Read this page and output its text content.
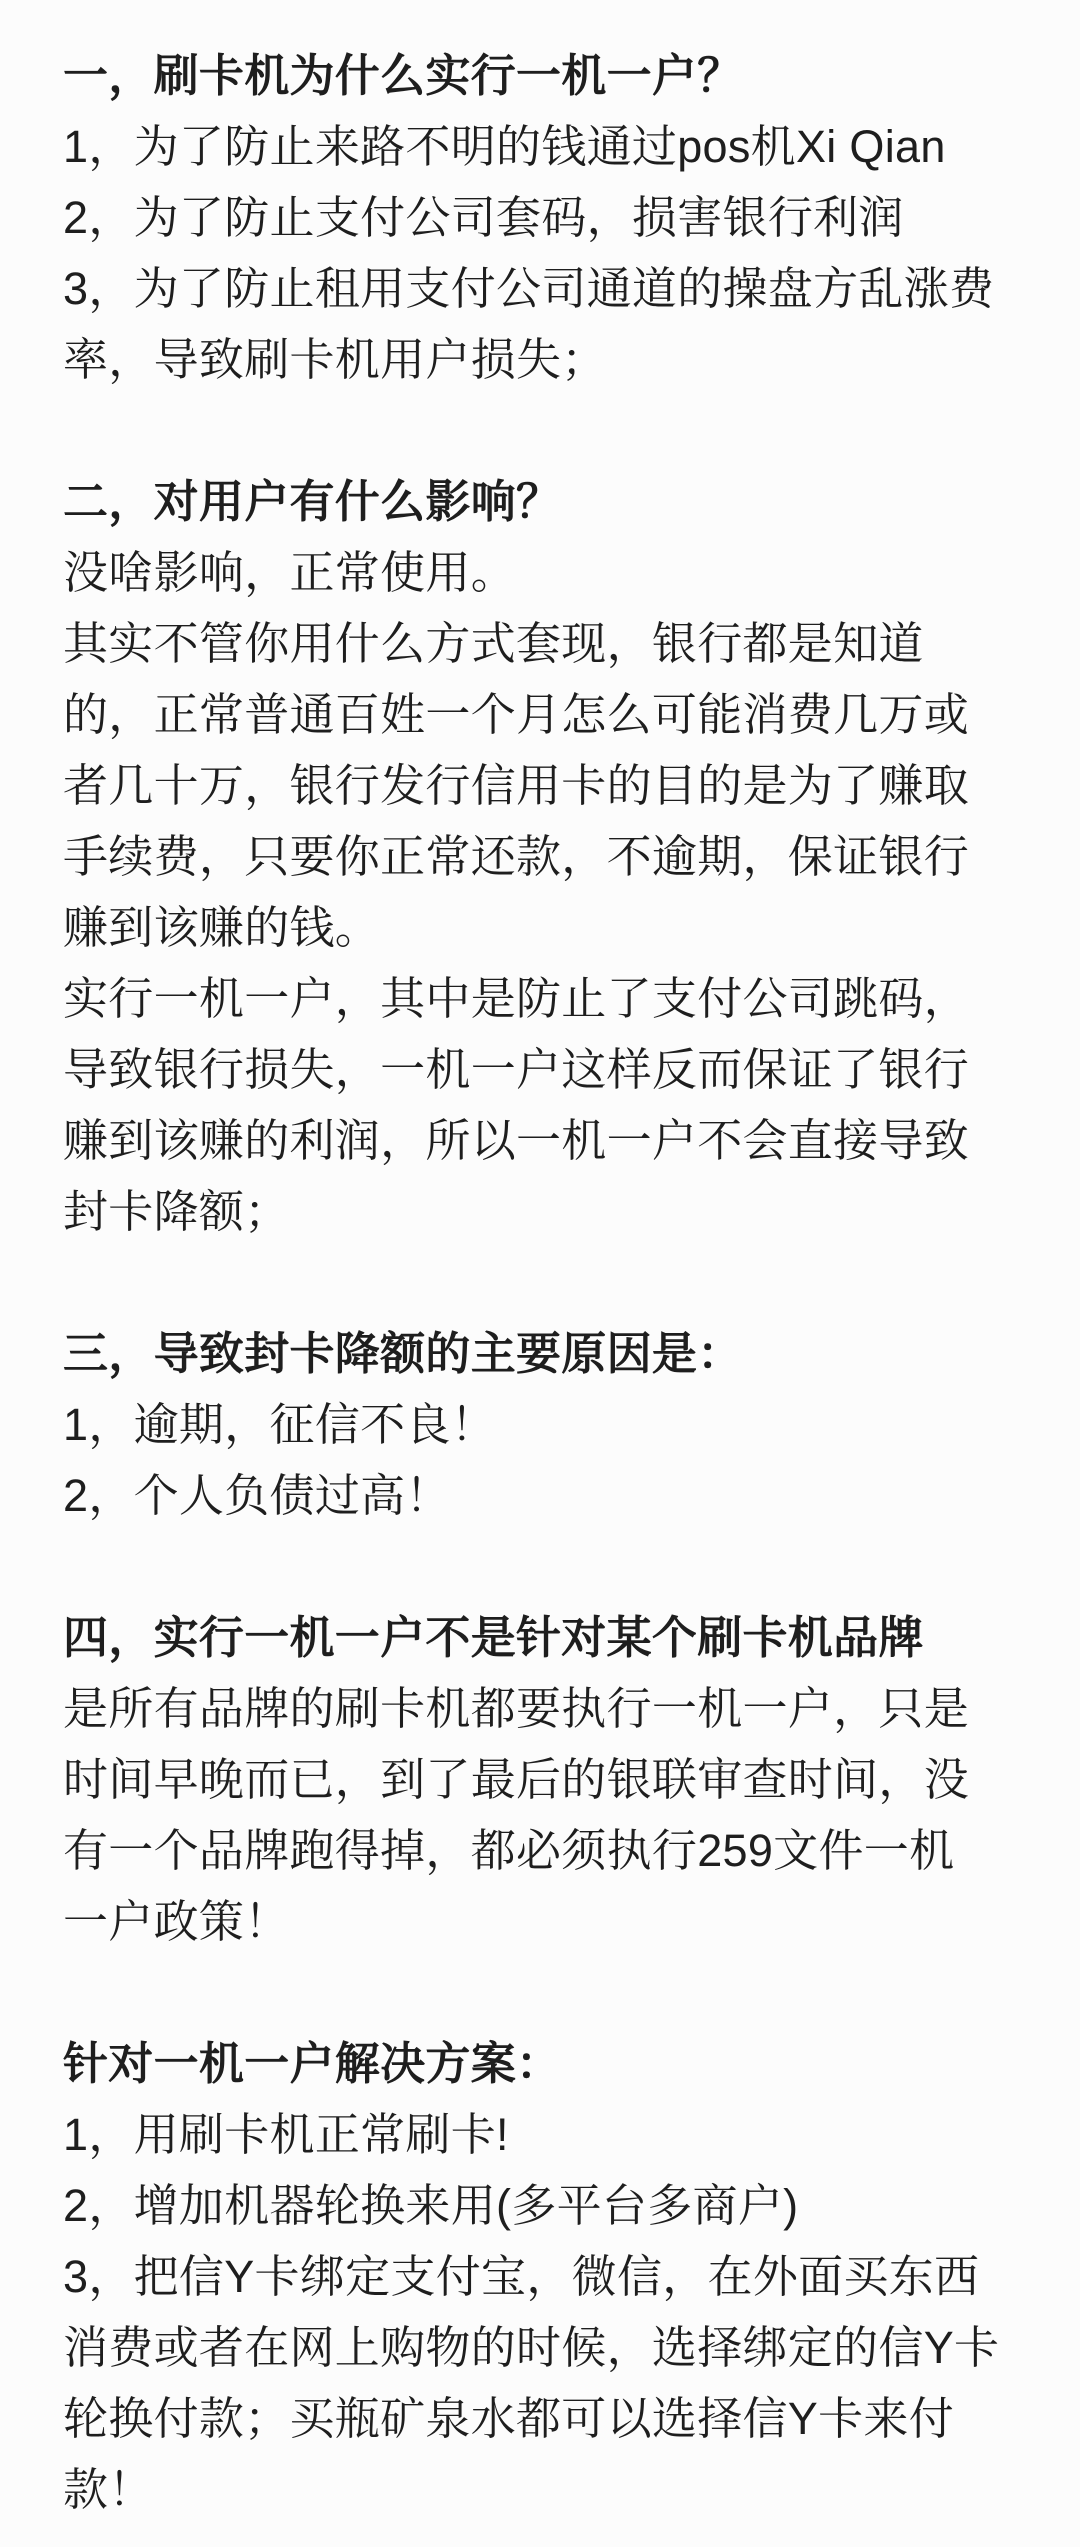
一，刷卡机为什么实行一机一户？
1，为了防止来路不明的钱通过pos机Xi Qian
2，为了防止支付公司套码，损害银行利润
3，为了防止租用支付公司通道的操盘方乱涨费
率，导致刷卡机用户损失；
二，对用户有什么影响？
没啥影响，正常使用。
其实不管你用什么方式套现，银行都是知道
的，正常普通百姓一个月怎么可能消费几万或
者几十万，银行发行信用卡的目的是为了赚取
手续费，只要你正常还款，不逾期，保证银行
赚到该赚的钱。
实行一机一户，其中是防止了支付公司跳码，
导致银行损失，一机一户这样反而保证了银行
赚到该赚的利润，所以一机一户不会直接导致
封卡降额；
三，导致封卡降额的主要原因是：
1，逾期，征信不良！
2，个人负债过高！
四，实行一机一户不是针对某个刷卡机品牌
是所有品牌的刷卡机都要执行一机一户，只是
时间早晚而已，到了最后的银联审查时间，没
有一个品牌跑得掉，都必须执行259文件一机
一户政策！
针对一机一户解决方案：
1，用刷卡机正常刷卡!
2，增加机器轮换来用(多平台多商户)
3，把信Y卡绑定支付宝，微信，在外面买东西
消费或者在网上购物的时候，选择绑定的信Y卡
轮换付款；买瓶矿泉水都可以选择信Y卡来付
款！
